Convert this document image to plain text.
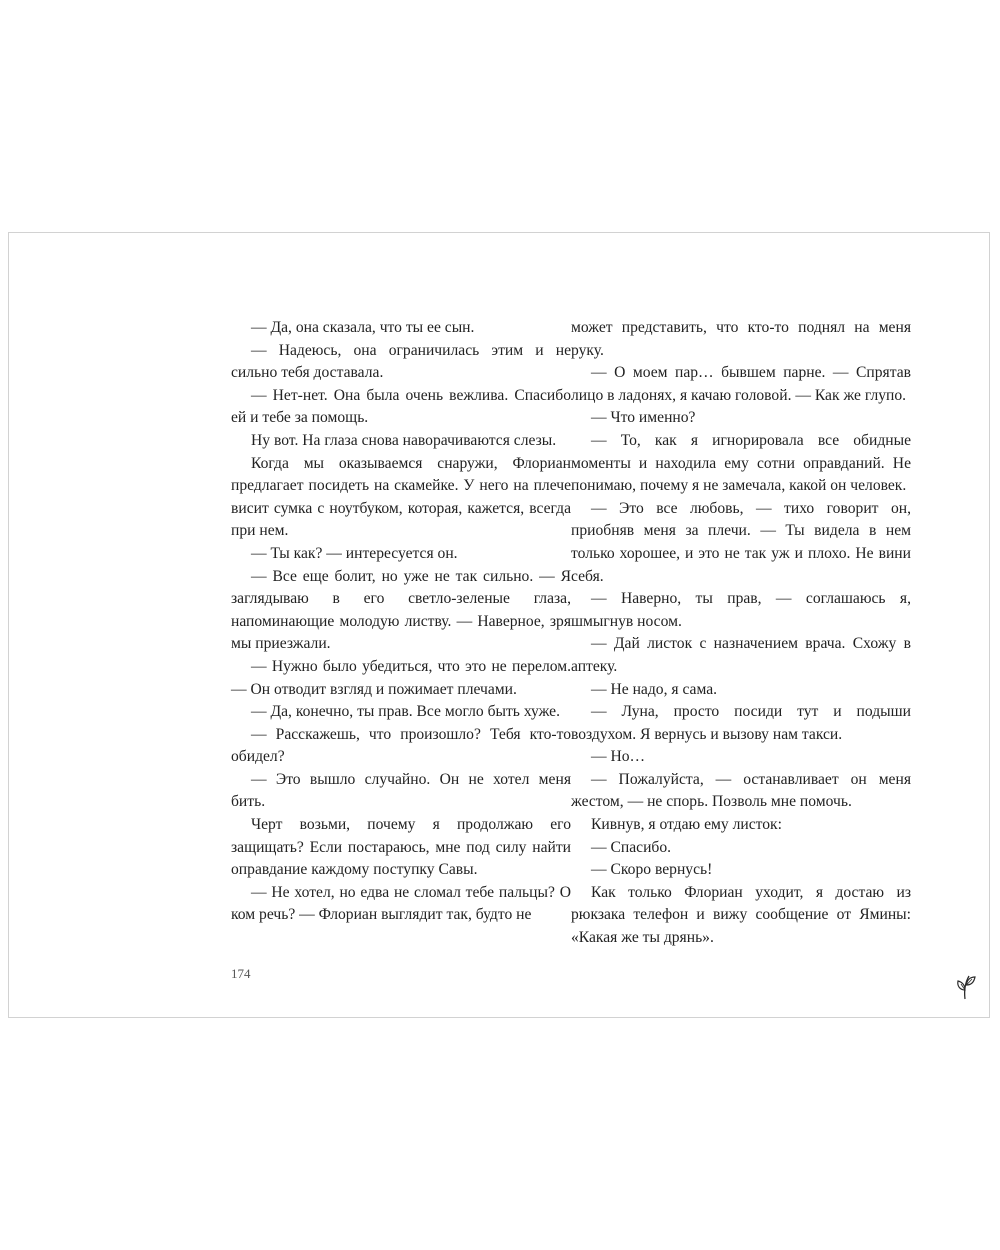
— Да, она сказала, что ты ее сын.

— Надеюсь, она ограничилась этим и не сильно тебя доставала.

— Нет-нет. Она была очень вежлива. Спасибо ей и тебе за помощь.

Ну вот. На глаза снова наворачиваются слезы.

Когда мы оказываемся снаружи, Флориан предлагает посидеть на скамейке. У него на плече висит сумка с ноутбуком, которая, кажется, всегда при нем.

— Ты как? — интересуется он.

— Все еще болит, но уже не так сильно. — Я заглядываю в его светло-зеленые глаза, напоминающие молодую листву. — Наверное, зря мы приезжали.

— Нужно было убедиться, что это не перелом. — Он отводит взгляд и пожимает плечами.

— Да, конечно, ты прав. Все могло быть хуже.

— Расскажешь, что произошло? Тебя кто-то обидел?

— Это вышло случайно. Он не хотел меня бить.

Черт возьми, почему я продолжаю его защищать? Если постараюсь, мне под силу найти оправдание каждому поступку Савы.

— Не хотел, но едва не сломал тебе пальцы? О ком речь? — Флориан выглядит так, будто не

174

может представить, что кто-то поднял на меня руку.

— О моем пар… бывшем парне. — Спрятав лицо в ладонях, я качаю головой. — Как же глупо.

— Что именно?

— То, как я игнорировала все обидные моменты и находила ему сотни оправданий. Не понимаю, почему я не замечала, какой он человек.

— Это все любовь, — тихо говорит он, приобняв меня за плечи. — Ты видела в нем только хорошее, и это не так уж и плохо. Не вини себя.

— Наверно, ты прав, — соглашаюсь я, шмыгнув носом.

— Дай листок с назначением врача. Схожу в аптеку.

— Не надо, я сама.

— Луна, просто посиди тут и подыши воздухом. Я вернусь и вызову нам такси.

— Но…

— Пожалуйста, — останавливает он меня жестом, — не спорь. Позволь мне помочь.

Кивнув, я отдаю ему листок:

— Спасибо.

— Скоро вернусь!

Как только Флориан уходит, я достаю из рюкзака телефон и вижу сообщение от Ямины: «Какая же ты дрянь».
